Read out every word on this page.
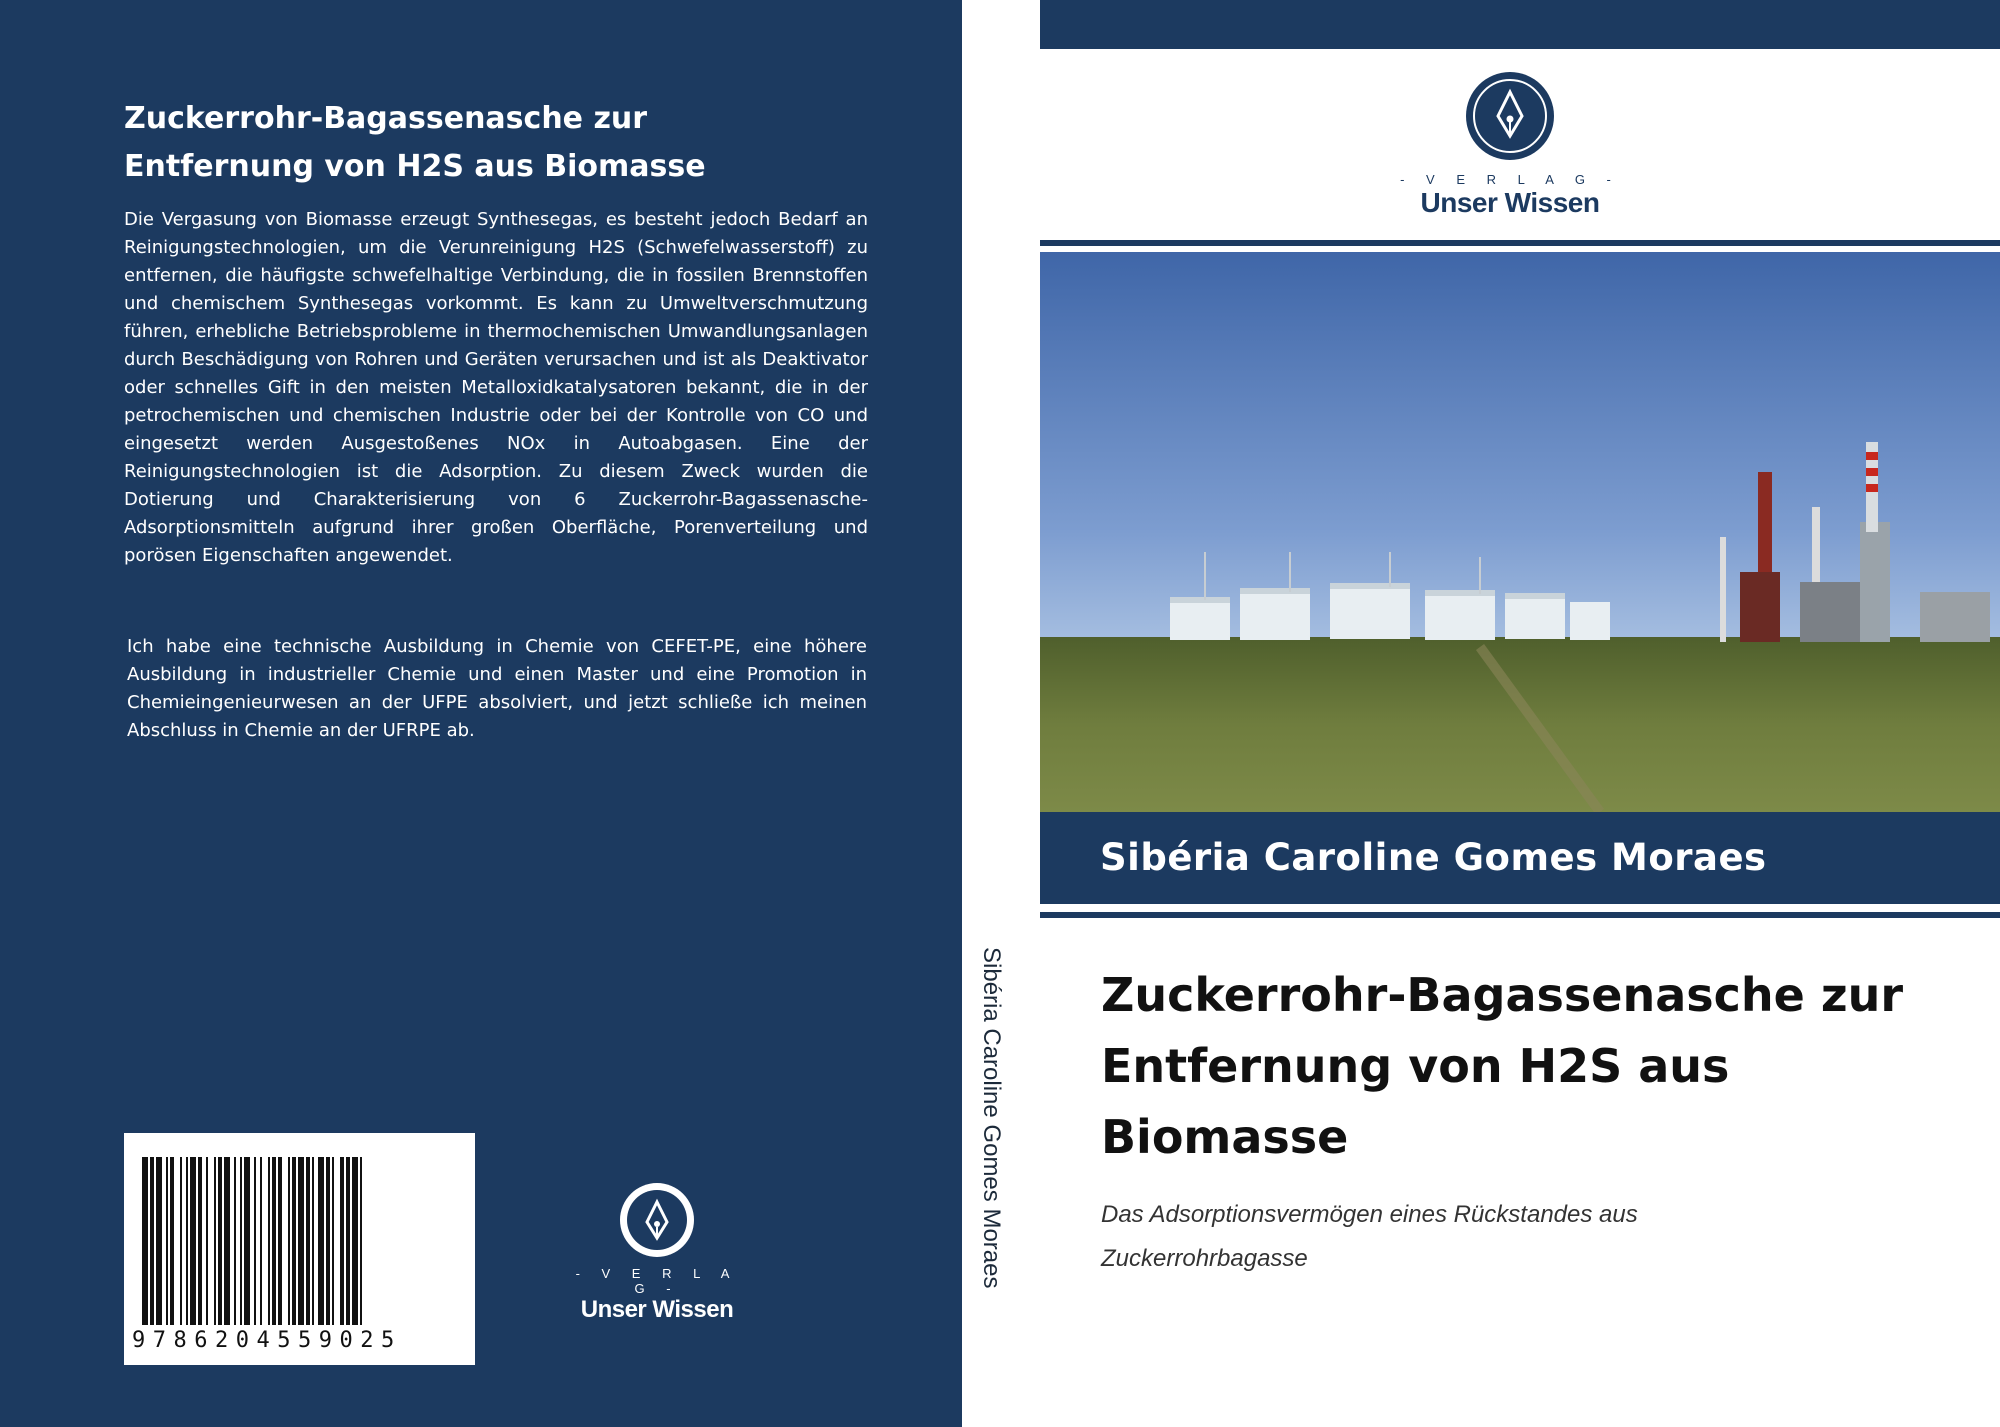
Zuckerrohr-Bagassenasche zur
Entfernung von H2S aus Biomasse
Die Vergasung von Biomasse erzeugt Synthesegas, es besteht jedoch Bedarf an Reinigungstechnologien, um die Verunreinigung H2S (Schwefelwasserstoff) zu entfernen, die häufigste schwefelhaltige Verbindung, die in fossilen Brennstoffen und chemischem Synthesegas vorkommt. Es kann zu Umweltverschmutzung führen, erhebliche Betriebsprobleme in thermochemischen Umwandlungsanlagen durch Beschädigung von Rohren und Geräten verursachen und ist als Deaktivator oder schnelles Gift in den meisten Metalloxidkatalysatoren bekannt, die in der petrochemischen und chemischen Industrie oder bei der Kontrolle von CO und eingesetzt werden Ausgestoßenes NOx in Autoabgasen. Eine der Reinigungstechnologien ist die Adsorption. Zu diesem Zweck wurden die Dotierung und Charakterisierung von 6 Zuckerrohr-Bagassenasche-Adsorptionsmitteln aufgrund ihrer großen Oberfläche, Porenverteilung und porösen Eigenschaften angewendet.
Ich habe eine technische Ausbildung in Chemie von CEFET-PE, eine höhere Ausbildung in industrieller Chemie und einen Master und eine Promotion in Chemieingenieurwesen an der UFPE absolviert, und jetzt schließe ich meinen Abschluss in Chemie an der UFRPE ab.
9786204559025
- V E R L A G -
Unser Wissen
Sibéria Caroline Gomes Moraes
- V E R L A G -
Unser Wissen
Sibéria Caroline Gomes Moraes
Zuckerrohr-Bagassenasche zur
Entfernung von H2S aus
Biomasse
Das Adsorptionsvermögen eines Rückstandes aus
Zuckerrohrbagasse
